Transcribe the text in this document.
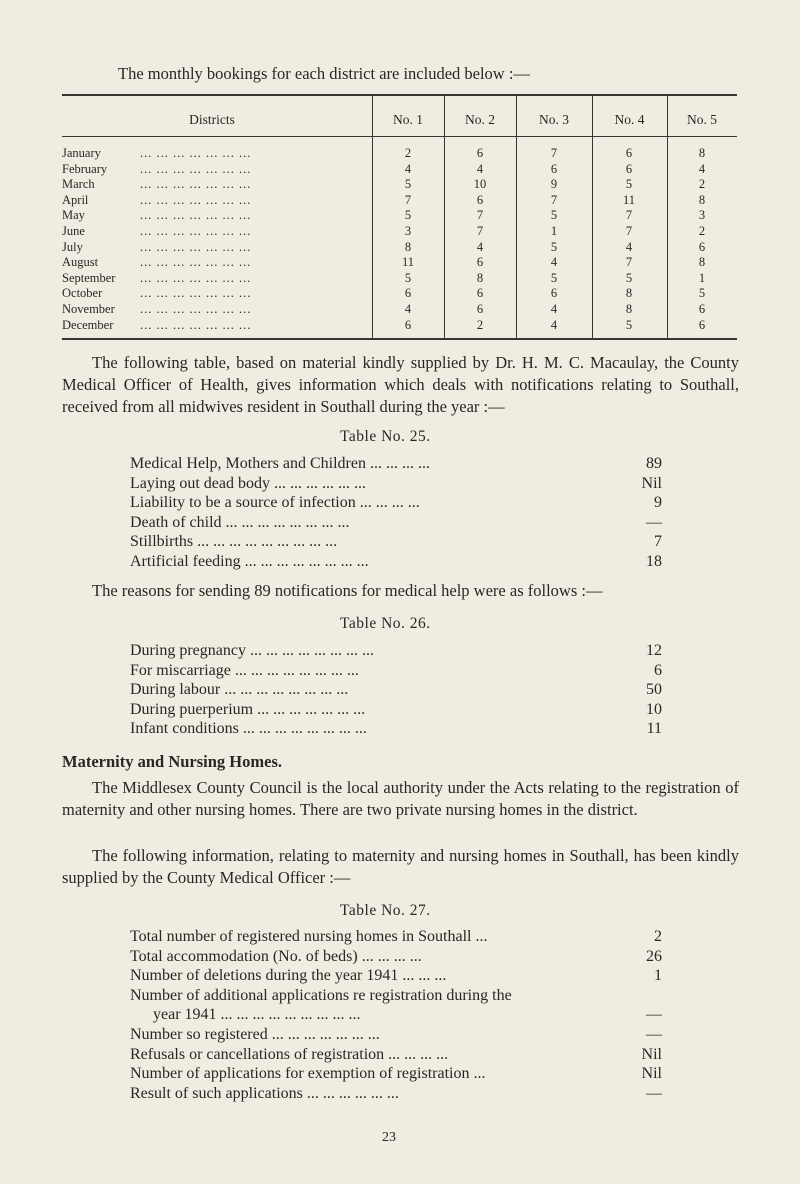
The monthly bookings for each district are included below :—
Districts	No. 1	No. 2	No. 3	No. 4	No. 5
January	... ... ... ... ... ... ...	2	6	7	6	8
February	... ... ... ... ... ... ...	4	4	6	6	4
March	... ... ... ... ... ... ...	5	10	9	5	2
April	... ... ... ... ... ... ...	7	6	7	11	8
May	... ... ... ... ... ... ...	5	7	5	7	3
June	... ... ... ... ... ... ...	3	7	1	7	2
July	... ... ... ... ... ... ...	8	4	5	4	6
August	... ... ... ... ... ... ...	11	6	4	7	8
September	... ... ... ... ... ... ...	5	8	5	5	1
October	... ... ... ... ... ... ...	6	6	6	8	5
November	... ... ... ... ... ... ...	4	6	4	8	6
December	... ... ... ... ... ... ...	6	2	4	5	6

The following table, based on material kindly supplied by Dr. H. M. C. Macaulay, the County Medical Officer of Health, gives information which deals with notifications relating to Southall, received from all midwives resident in Southall during the year :—

Table No. 25.
Medical Help, Mothers and Children ... ... ... ...	89
Laying out dead body ... ... ... ... ... ...	Nil
Liability to be a source of infection ... ... ... ...	9
Death of child ... ... ... ... ... ... ... ...	—
Stillbirths ... ... ... ... ... ... ... ... ...	7
Artificial feeding ... ... ... ... ... ... ... ...	18

The reasons for sending 89 notifications for medical help were as follows :—

Table No. 26.
During pregnancy ... ... ... ... ... ... ... ...	12
For miscarriage ... ... ... ... ... ... ... ...	6
During labour ... ... ... ... ... ... ... ...	50
During puerperium ... ... ... ... ... ... ...	10
Infant conditions ... ... ... ... ... ... ... ...	11
Maternity and Nursing Homes.

The Middlesex County Council is the local authority under the Acts relating to the registration of maternity and other nursing homes. There are two private nursing homes in the district.

The following information, relating to maternity and nursing homes in Southall, has been kindly supplied by the County Medical Officer :—

Table No. 27.
Total number of registered nursing homes in Southall ...	2
Total accommodation (No. of beds) ... ... ... ...	26
Number of deletions during the year 1941 ... ... ...	1
Number of additional applications re registration during the
year 1941 ... ... ... ... ... ... ... ... ...	—
Number so registered ... ... ... ... ... ... ...	—
Refusals or cancellations of registration ... ... ... ...	Nil
Number of applications for exemption of registration ...	Nil
Result of such applications ... ... ... ... ... ...	—
23
